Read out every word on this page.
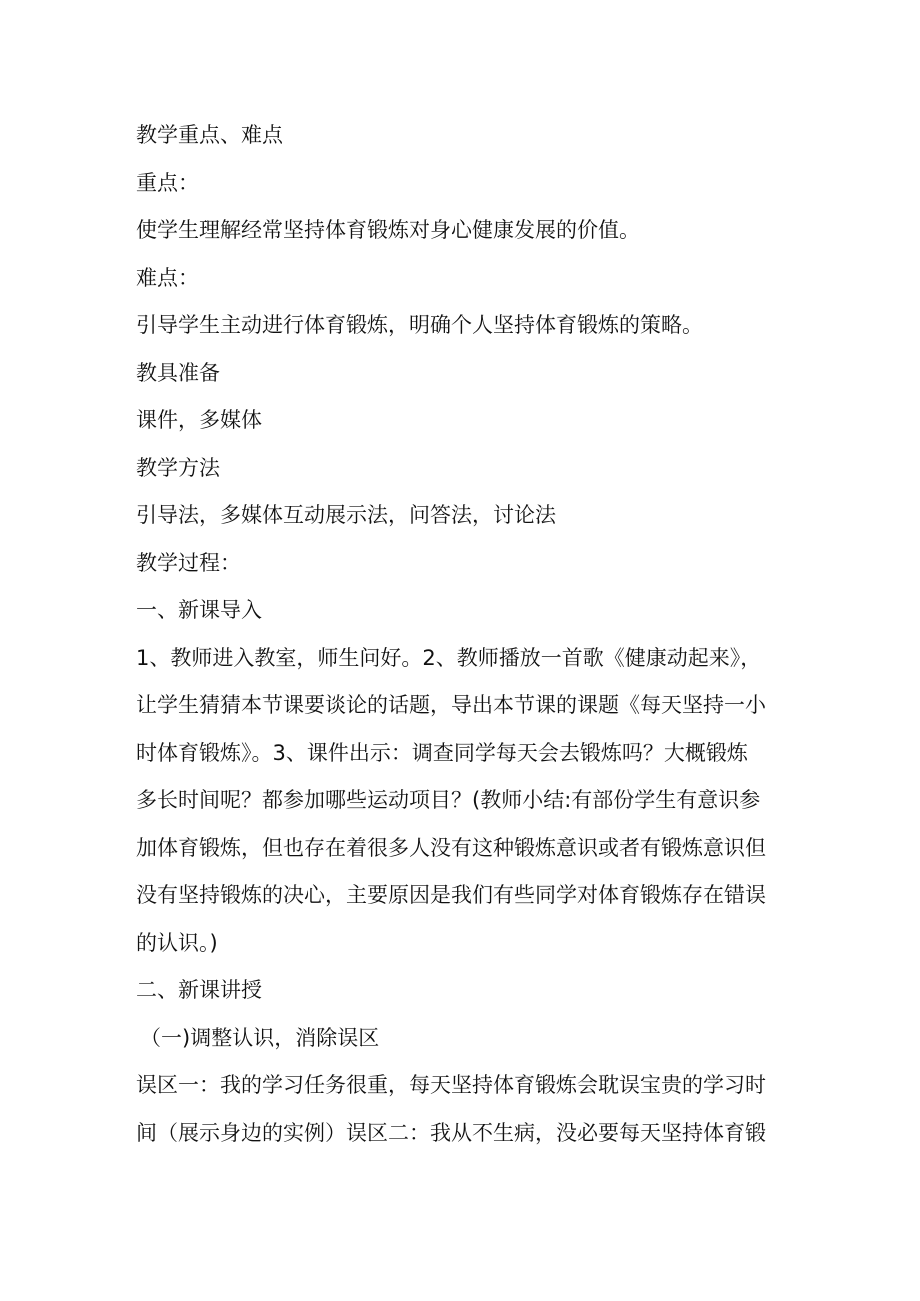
教学重点、难点

重点：

使学生理解经常坚持体育锻炼对身心健康发展的价值。

难点：

引导学生主动进行体育锻炼，明确个人坚持体育锻炼的策略。

教具准备

课件，多媒体

教学方法

引导法，多媒体互动展示法，问答法，讨论法

教学过程：

一、新课导入

1、教师进入教室，师生问好。2、教师播放一首歌《健康动起来》，

让学生猜猜本节课要谈论的话题，导出本节课的课题《每天坚持一小

时体育锻炼》。3、课件出示：调查同学每天会去锻炼吗？大概锻炼

多长时间呢？都参加哪些运动项目？(教师小结:有部份学生有意识参

加体育锻炼，但也存在着很多人没有这种锻炼意识或者有锻炼意识但

没有坚持锻炼的决心，主要原因是我们有些同学对体育锻炼存在错误

的认识。)

二、新课讲授

（一)调整认识，消除误区

误区一：我的学习任务很重，每天坚持体育锻炼会耽误宝贵的学习时

间（展示身边的实例）误区二：我从不生病，没必要每天坚持体育锻
